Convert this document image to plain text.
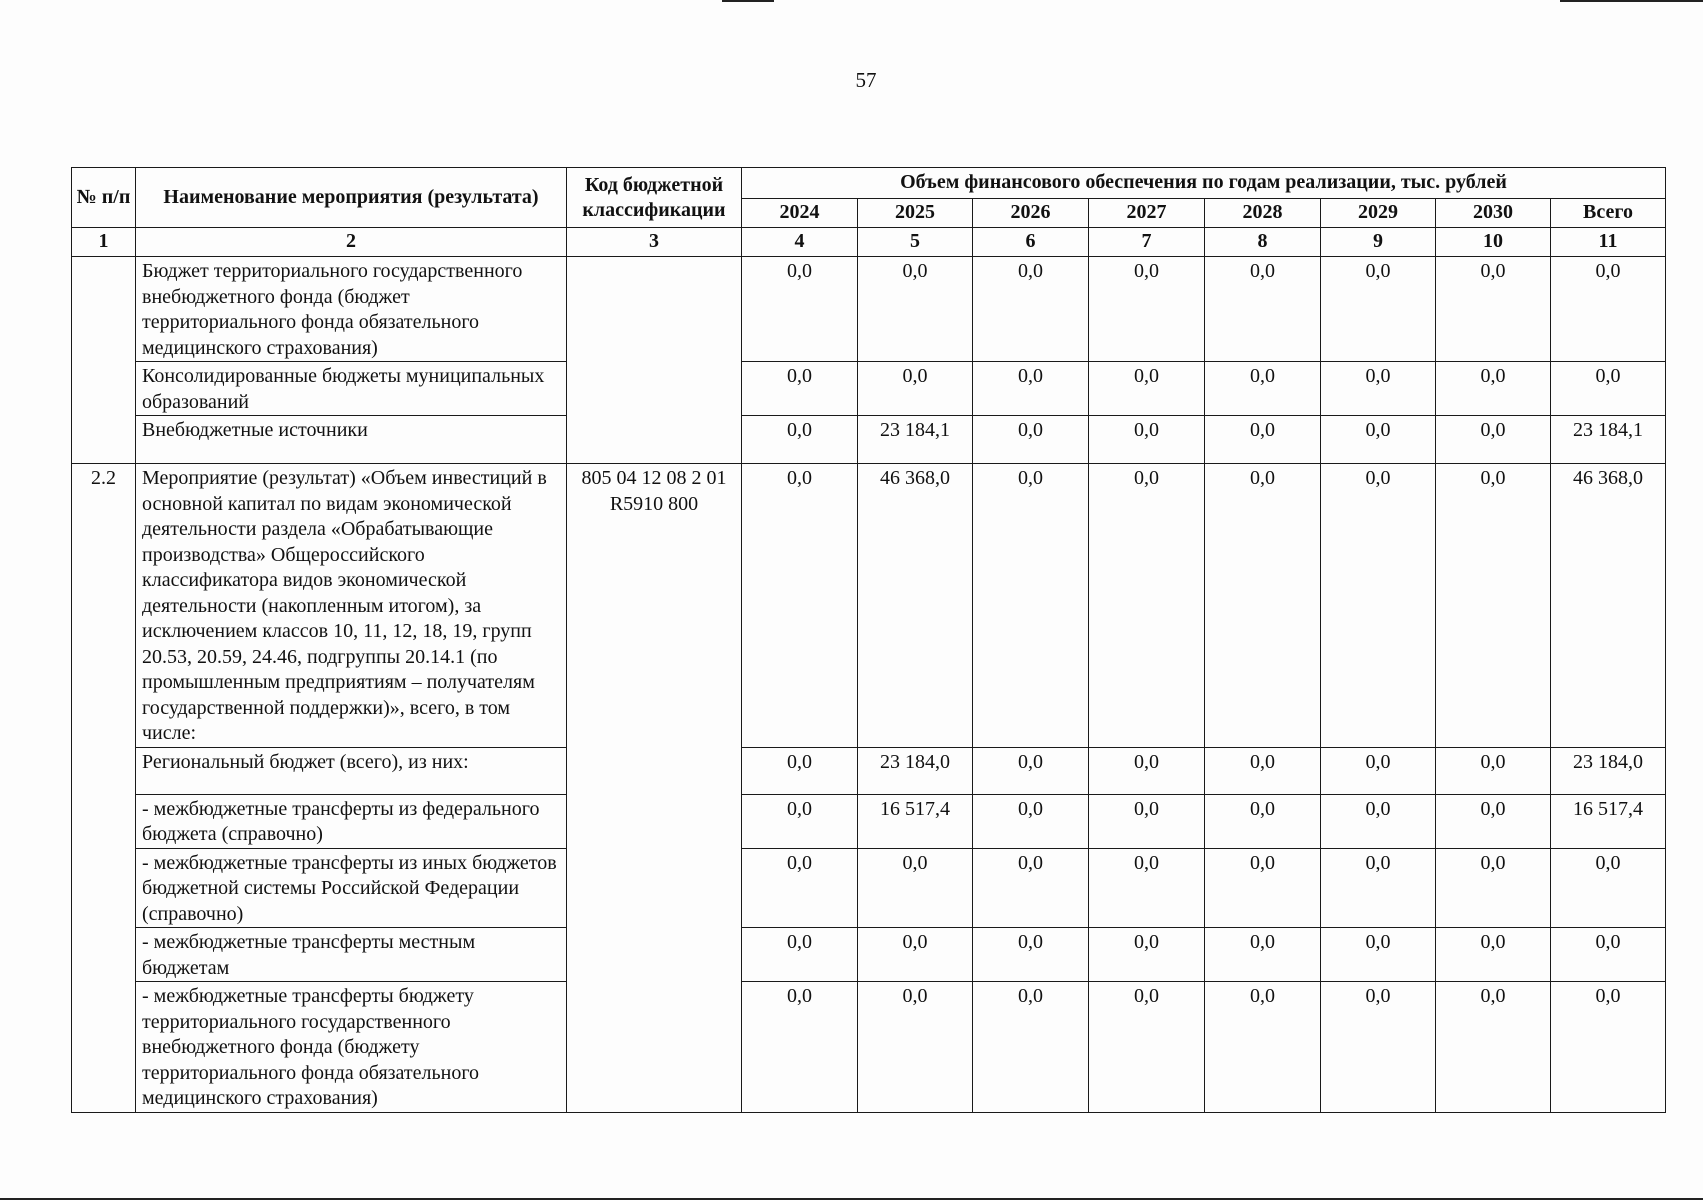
57
№ п/п	Наименование мероприятия (результата)	Код бюджетной классификации	Объем финансового обеспечения по годам реализации, тыс. рублей							
			2024	2025	2026	2027	2028	2029	2030	Всего
1	2	3	4	5	6	7	8	9	10	11
	Бюджет территориального государственного внебюджетного фонда (бюджет территориального фонда обязательного медицинского страхования)		0,0	0,0	0,0	0,0	0,0	0,0	0,0	0,0
	Консолидированные бюджеты муниципальных образований		0,0	0,0	0,0	0,0	0,0	0,0	0,0	0,0
	Внебюджетные источники		0,0	23 184,1	0,0	0,0	0,0	0,0	0,0	23 184,1
2.2	Мероприятие (результат) «Объем инвестиций в основной капитал по видам экономической деятельности раздела «Обрабатывающие производства» Общероссийского классификатора видов экономической деятельности (накопленным итогом), за исключением классов 10, 11, 12, 18, 19, групп 20.53, 20.59, 24.46, подгруппы 20.14.1 (по промышленным предприятиям – получателям государственной поддержки)», всего, в том числе:	805 04 12 08 2 01 R5910 800	0,0	46 368,0	0,0	0,0	0,0	0,0	0,0	46 368,0
	Региональный бюджет (всего), из них:		0,0	23 184,0	0,0	0,0	0,0	0,0	0,0	23 184,0
	- межбюджетные трансферты из федерального бюджета (справочно)		0,0	16 517,4	0,0	0,0	0,0	0,0	0,0	16 517,4
	- межбюджетные трансферты из иных бюджетов бюджетной системы Российской Федерации (справочно)		0,0	0,0	0,0	0,0	0,0	0,0	0,0	0,0
	- межбюджетные трансферты местным бюджетам		0,0	0,0	0,0	0,0	0,0	0,0	0,0	0,0
	- межбюджетные трансферты бюджету территориального государственного внебюджетного фонда (бюджету территориального фонда обязательного медицинского страхования)		0,0	0,0	0,0	0,0	0,0	0,0	0,0	0,0
